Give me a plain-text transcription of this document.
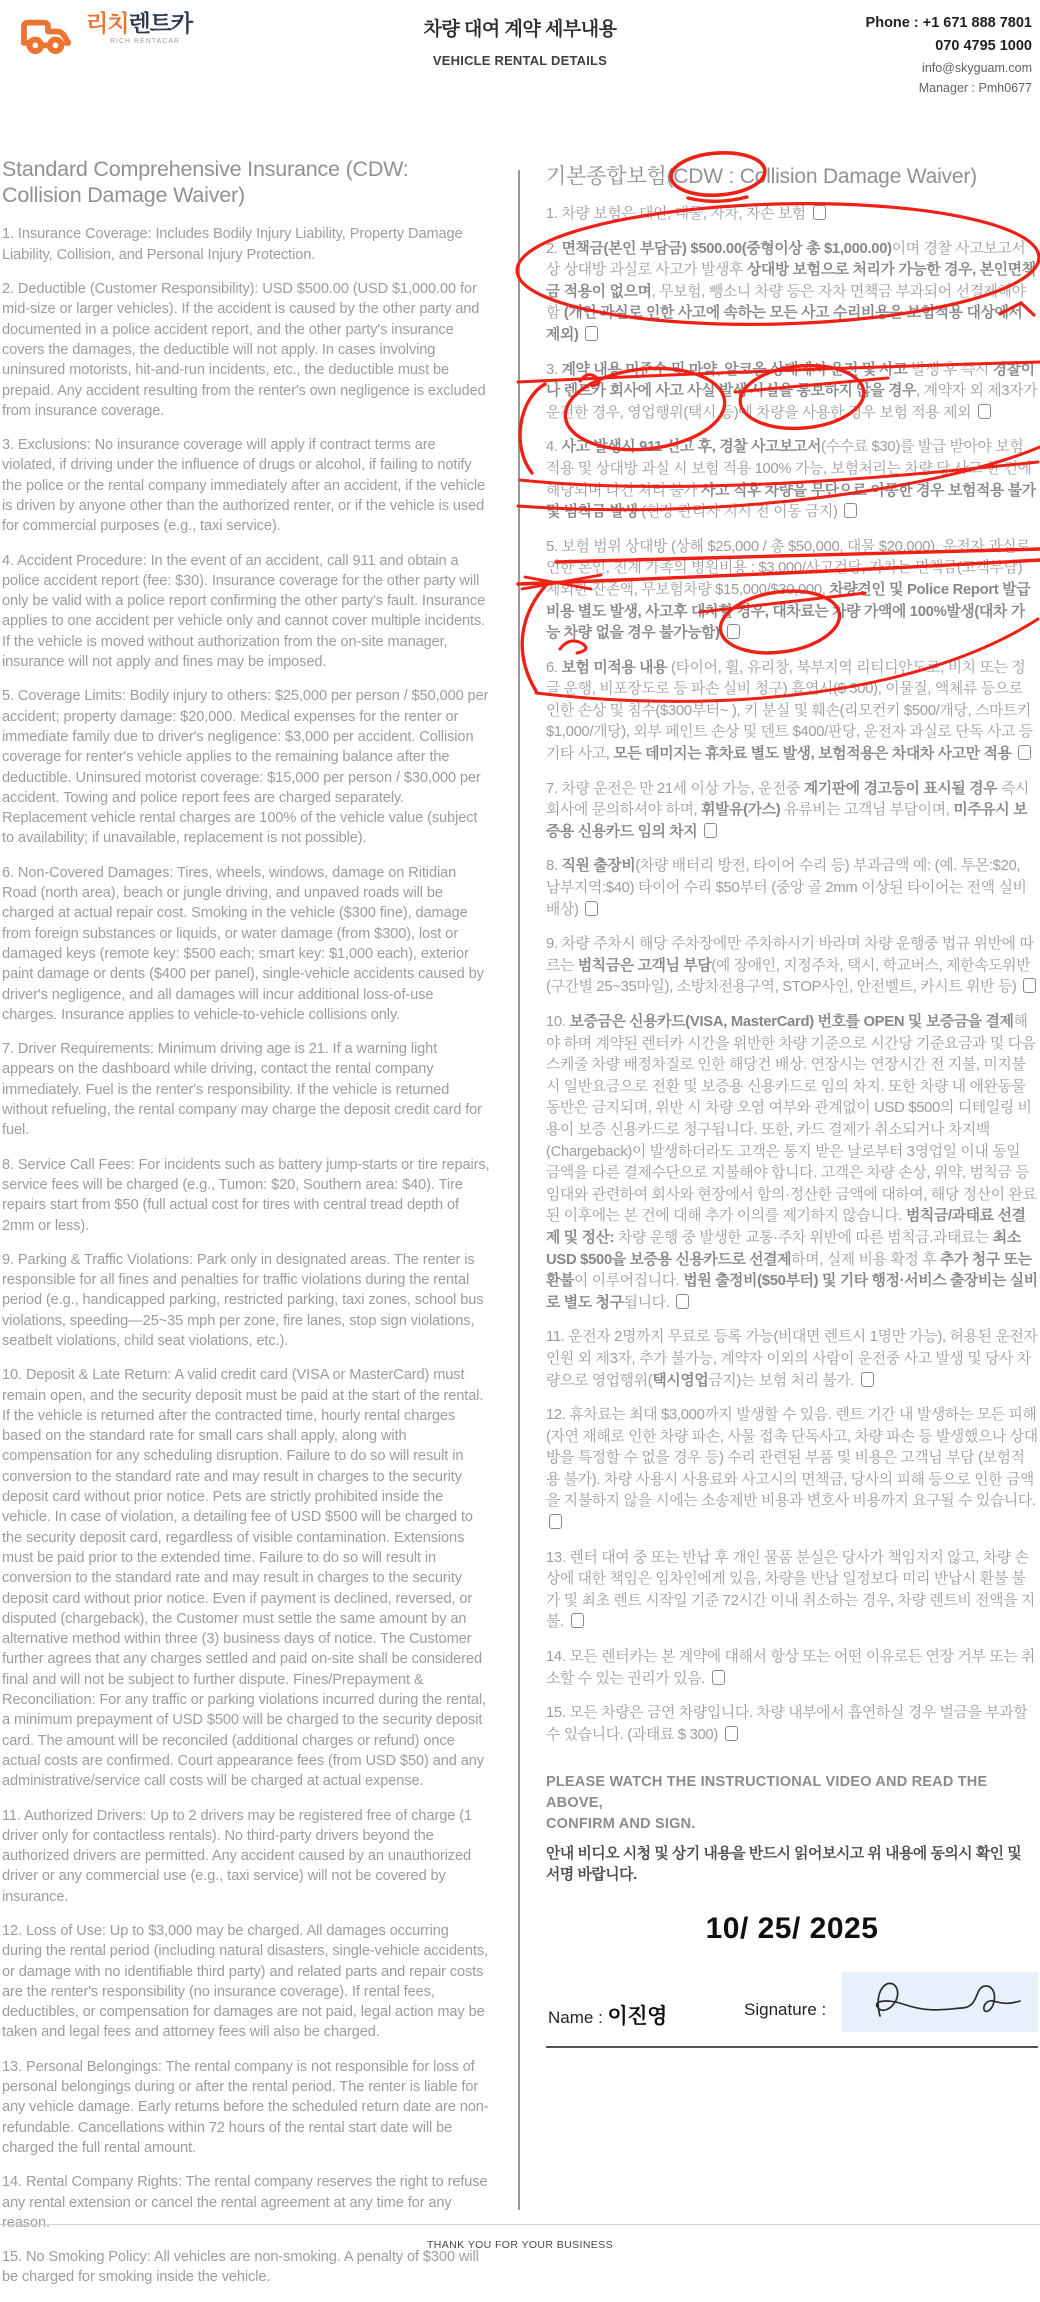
리치렌트카
RICH RENTACAR
차량 대여 계약 세부내용
VEHICLE RENTAL DETAILS
Phone : +1 671 888 7801
070 4795 1000
info@skyguam.com
Manager : Pmh0677
Standard Comprehensive Insurance (CDW: Collision Damage Waiver)

1. Insurance Coverage: Includes Bodily Injury Liability, Property Damage Liability, Collision, and Personal Injury Protection.

2. Deductible (Customer Responsibility): USD $500.00 (USD $1,000.00 for mid-size or larger vehicles). If the accident is caused by the other party and documented in a police accident report, and the other party's insurance covers the damages, the deductible will not apply. In cases involving uninsured motorists, hit-and-run incidents, etc., the deductible must be prepaid. Any accident resulting from the renter's own negligence is excluded from insurance coverage.

3. Exclusions: No insurance coverage will apply if contract terms are violated, if driving under the influence of drugs or alcohol, if failing to notify the police or the rental company immediately after an accident, if the vehicle is driven by anyone other than the authorized renter, or if the vehicle is used for commercial purposes (e.g., taxi service).

4. Accident Procedure: In the event of an accident, call 911 and obtain a police accident report (fee: $30). Insurance coverage for the other party will only be valid with a police report confirming the other party's fault. Insurance applies to one accident per vehicle only and cannot cover multiple incidents. If the vehicle is moved without authorization from the on-site manager, insurance will not apply and fines may be imposed.

5. Coverage Limits: Bodily injury to others: $25,000 per person / $50,000 per accident; property damage: $20,000. Medical expenses for the renter or immediate family due to driver's negligence: $3,000 per accident. Collision coverage for renter's vehicle applies to the remaining balance after the deductible. Uninsured motorist coverage: $15,000 per person / $30,000 per accident. Towing and police report fees are charged separately. Replacement vehicle rental charges are 100% of the vehicle value (subject to availability; if unavailable, replacement is not possible).

6. Non-Covered Damages: Tires, wheels, windows, damage on Ritidian Road (north area), beach or jungle driving, and unpaved roads will be charged at actual repair cost. Smoking in the vehicle ($300 fine), damage from foreign substances or liquids, or water damage (from $300), lost or damaged keys (remote key: $500 each; smart key: $1,000 each), exterior paint damage or dents ($400 per panel), single-vehicle accidents caused by driver's negligence, and all damages will incur additional loss-of-use charges. Insurance applies to vehicle-to-vehicle collisions only.

7. Driver Requirements: Minimum driving age is 21. If a warning light appears on the dashboard while driving, contact the rental company immediately. Fuel is the renter's responsibility. If the vehicle is returned without refueling, the rental company may charge the deposit credit card for fuel.

8. Service Call Fees: For incidents such as battery jump-starts or tire repairs, service fees will be charged (e.g., Tumon: $20, Southern area: $40). Tire repairs start from $50 (full actual cost for tires with central tread depth of 2mm or less).

9. Parking & Traffic Violations: Park only in designated areas. The renter is responsible for all fines and penalties for traffic violations during the rental period (e.g., handicapped parking, restricted parking, taxi zones, school bus violations, speeding—25~35 mph per zone, fire lanes, stop sign violations, seatbelt violations, child seat violations, etc.).

10. Deposit & Late Return: A valid credit card (VISA or MasterCard) must remain open, and the security deposit must be paid at the start of the rental. If the vehicle is returned after the contracted time, hourly rental charges based on the standard rate for small cars shall apply, along with compensation for any scheduling disruption. Failure to do so will result in conversion to the standard rate and may result in charges to the security deposit card without prior notice. Pets are strictly prohibited inside the vehicle. In case of violation, a detailing fee of USD $500 will be charged to the security deposit card, regardless of visible contamination. Extensions must be paid prior to the extended time. Failure to do so will result in conversion to the standard rate and may result in charges to the security deposit card without prior notice. Even if payment is declined, reversed, or disputed (chargeback), the Customer must settle the same amount by an alternative method within three (3) business days of notice. The Customer further agrees that any charges settled and paid on-site shall be considered final and will not be subject to further dispute. Fines/Prepayment & Reconciliation: For any traffic or parking violations incurred during the rental, a minimum prepayment of USD $500 will be charged to the security deposit card. The amount will be reconciled (additional charges or refund) once actual costs are confirmed. Court appearance fees (from USD $50) and any administrative/service call costs will be charged at actual expense.

11. Authorized Drivers: Up to 2 drivers may be registered free of charge (1 driver only for contactless rentals). No third-party drivers beyond the authorized drivers are permitted. Any accident caused by an unauthorized driver or any commercial use (e.g., taxi service) will not be covered by insurance.

12. Loss of Use: Up to $3,000 may be charged. All damages occurring during the rental period (including natural disasters, single-vehicle accidents, or damage with no identifiable third party) and related parts and repair costs are the renter's responsibility (no insurance coverage). If rental fees, deductibles, or compensation for damages are not paid, legal action may be taken and legal fees and attorney fees will also be charged.

13. Personal Belongings: The rental company is not responsible for loss of personal belongings during or after the rental period. The renter is liable for any vehicle damage. Early returns before the scheduled return date are non-refundable. Cancellations within 72 hours of the rental start date will be charged the full rental amount.

14. Rental Company Rights: The rental company reserves the right to refuse any rental extension or cancel the rental agreement at any time for any reason.

15. No Smoking Policy: All vehicles are non-smoking. A penalty of $300 will be charged for smoking inside the vehicle.

기본종합보험(CDW : Collision Damage Waiver)

1. 차량 보험은 대인, 대물, 자차, 자손 보험

2. 면책금(본인 부담금) $500.00(중형이상 총 $1,000.00)이며 경찰 사고보고서 상 상대방 과실로 사고가 발생후 상대방 보험으로 처리가 가능한 경우, 본인면책금 적용이 없으며, 무보험, 뺑소니 차량 등은 자차 면책금 부과되어 선결제해야 함 (개인 과실로 인한 사고에 속하는 모든 사고 수리비용은 보험적용 대상에서 제외)

3. 계약 내용 미준수 및 마약, 알코올 상태에서 운전 및 사고 발생 후 즉시 경찰이나 렌트카 회사에 사고 사실 발생 사실을 통보하지 않을 경우, 계약자 외 제3자가 운전한 경우, 영업행위(택시 등)에 차량을 사용한 경우 보험 적용 제외

4. 사고 발생시 911 신고 후, 경찰 사고보고서(수수료 $30)를 발급 받아야 보험 적용 및 상대방 과실 시 보험 적용 100% 가능, 보험처리는 차량 당 사고 한 건에 해당되며 다건 처리 불가 사고 직후 차량을 무단으로 이동한 경우 보험적용 불가 및 범칙금 발생 (현장 관리자 지시 전 이동 금지)

5. 보험 범위 상대방 (상해 $25,000 / 총 $50,000, 대물 $20,000), 운전자 과실로 인한 본인, 친계 가족의 병원비용 : $3,000/사고건당, 자차는 면책금(고객부담) 제외한 잔존액, 무보험차량 $15,000/$30,000, 차량견인 및 Police Report 발급 비용 별도 발생, 사고후 대차할 경우, 대차료는 차량 가액에 100%발생(대차 가능 차량 없을 경우 불가능함)

6. 보험 미적용 내용 (타이어, 휠, 유리창, 북부지역 리티디안도로, 비치 또는 정글 운행, 비포장도로 등 파손 실비 청구) 흡연시($ 300), 이물질, 액체류 등으로 인한 손상 및 침수($300부터~ ), 키 분실 및 훼손(리모컨키 $500/개당, 스마트키 $1,000/개당), 외부 페인트 손상 및 덴트 $400/판당, 운전자 과실로 단독 사고 등 기타 사고, 모든 데미지는 휴차료 별도 발생, 보험적용은 차대차 사고만 적용

7. 차량 운전은 만 21세 이상 가능, 운전중 계기판에 경고등이 표시될 경우 즉시 회사에 문의하셔야 하며, 휘발유(가스) 유류비는 고객님 부담이며, 미주유시 보증용 신용카드 임의 차지

8. 직원 출장비(차량 배터리 방전, 타이어 수리 등) 부과금액 예: (예. 투몬:$20, 남부지역:$40) 타이어 수리 $50부터 (중앙 골 2mm 이상된 타이어는 전액 실비 배상)

9. 차량 주차시 해당 주차장에만 주차하시기 바라며 차량 운행중 법규 위반에 따르는 범칙금은 고객님 부담(예 장애인, 지정주차, 택시, 학교버스, 제한속도위반 (구간별 25~35마일), 소방차전용구역, STOP사인, 안전벨트, 카시트 위반 등)

10. 보증금은 신용카드(VISA, MasterCard) 번호를 OPEN 및 보증금을 결제해야 하며 계약된 렌터카 시간을 위반한 차량 기준으로 시간당 기준요금과 및 다음 스케줄 차량 배정차질로 인한 해당건 배상. 연장시는 연장시간 전 지불, 미지불 시 일반요금으로 전환 및 보증용 신용카드로 임의 차지. 또한 차량 내 애완동물 동반은 금지되며, 위반 시 차량 오염 여부와 관계없이 USD $500의 디테일링 비용이 보증 신용카드로 청구됩니다. 또한, 카드 결제가 취소되거나 차지백(Chargeback)이 발생하더라도 고객은 통지 받은 날로부터 3영업일 이내 동일 금액을 다른 결제수단으로 지불해야 합니다. 고객은 차량 손상, 위약, 범칙금 등 임대와 관련하여 회사와 현장에서 합의·정산한 금액에 대하여, 해당 정산이 완료된 이후에는 본 건에 대해 추가 이의를 제기하지 않습니다. 범칙금/과태료 선결제 및 정산: 차량 운행 중 발생한 교통·주차 위반에 따른 범칙금.과태료는 최소 USD $500을 보증용 신용카드로 선결제하며, 실제 비용 확정 후 추가 청구 또는 환불이 이루어집니다. 법원 출정비($50부터) 및 기타 행정·서비스 출장비는 실비로 별도 청구됩니다.

11. 운전자 2명까지 무료로 등록 가능(비대면 렌트시 1명만 가능), 허용된 운전자 인원 외 제3자, 추가 불가능, 계약자 이외의 사람이 운전중 사고 발생 및 당사 차량으로 영업행위(택시영업금지)는 보험 처리 불가.

12. 휴차료는 최대 $3,000까지 발생할 수 있음. 렌트 기간 내 발생하는 모든 피해 (자연 재해로 인한 차량 파손, 사물 접촉 단독사고, 차량 파손 등 발생했으나 상대방을 특정할 수 없을 경우 등) 수리 관련된 부품 및 비용은 고객님 부담 (보험적용 불가). 차량 사용시 사용료와 사고시의 면책금, 당사의 피해 등으로 인한 금액을 지불하지 않을 시에는 소송제반 비용과 변호사 비용까지 요구될 수 있습니다.

13. 렌터 대여 중 또는 반납 후 개인 물품 분실은 당사가 책임지지 않고, 차량 손상에 대한 책임은 임차인에게 있음, 차량을 반납 일정보다 미리 반납시 환불 불가 및 최초 렌트 시작일 기준 72시간 이내 취소하는 경우, 차량 렌트비 전액을 지불.

14. 모든 렌터카는 본 계약에 대해서 항상 또는 어떤 이유로든 연장 거부 또는 취소할 수 있는 권리가 있음.

15. 모든 차량은 금연 차량입니다. 차량 내부에서 흡연하실 경우 벌금을 부과할 수 있습니다. (과태료 $ 300)

PLEASE WATCH THE INSTRUCTIONAL VIDEO AND READ THE ABOVE,
CONFIRM AND SIGN.
안내 비디오 시청 및 상기 내용을 반드시 읽어보시고 위 내용에 동의시 확인 및 서명 바랍니다.
10/ 25/ 2025
Name : 이진영	Signature :
THANK YOU FOR YOUR BUSINESS
